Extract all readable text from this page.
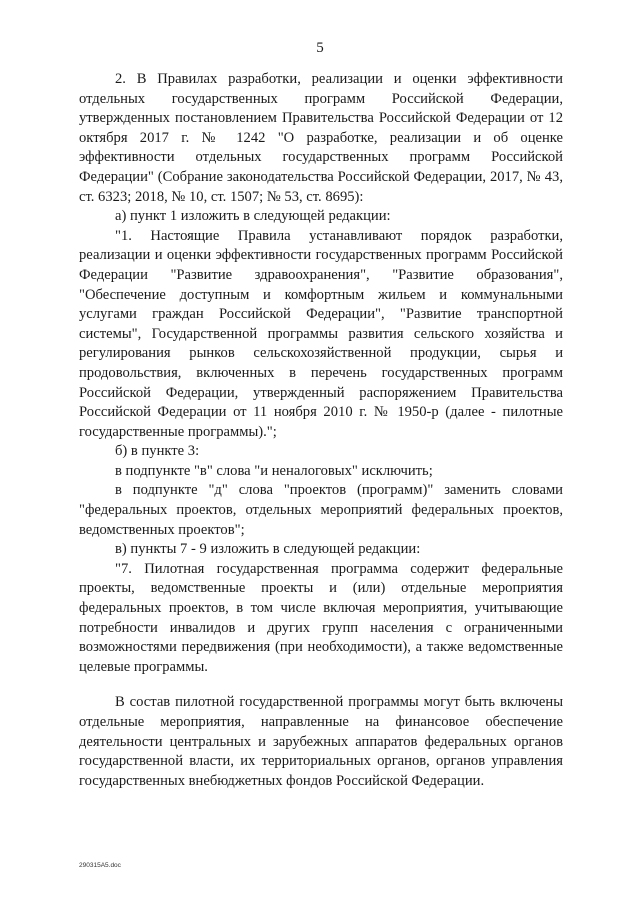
5

2. В Правилах разработки, реализации и оценки эффективности отдельных государственных программ Российской Федерации, утвержденных постановлением Правительства Российской Федерации от 12 октября 2017 г. № 1242 "О разработке, реализации и об оценке эффективности отдельных государственных программ Российской Федерации" (Собрание законодательства Российской Федерации, 2017, № 43, ст. 6323; 2018, № 10, ст. 1507; № 53, ст. 8695):

а) пункт 1 изложить в следующей редакции:

"1. Настоящие Правила устанавливают порядок разработки, реализации и оценки эффективности государственных программ Российской Федерации "Развитие здравоохранения", "Развитие образования", "Обеспечение доступным и комфортным жильем и коммунальными услугами граждан Российской Федерации", "Развитие транспортной системы", Государственной программы развития сельского хозяйства и регулирования рынков сельскохозяйственной продукции, сырья и продовольствия, включенных в перечень государственных программ Российской Федерации, утвержденный распоряжением Правительства Российской Федерации от 11 ноября 2010 г. № 1950-р (далее - пилотные государственные программы).";

б) в пункте 3:

в подпункте "в" слова "и неналоговых" исключить;

в подпункте "д" слова "проектов (программ)" заменить словами "федеральных проектов, отдельных мероприятий федеральных проектов, ведомственных проектов";

в) пункты 7 - 9 изложить в следующей редакции:

"7. Пилотная государственная программа содержит федеральные проекты, ведомственные проекты и (или) отдельные мероприятия федеральных проектов, в том числе включая мероприятия, учитывающие потребности инвалидов и других групп населения с ограниченными возможностями передвижения (при необходимости), а также ведомственные целевые программы.

В состав пилотной государственной программы могут быть включены отдельные мероприятия, направленные на финансовое обеспечение деятельности центральных и зарубежных аппаратов федеральных органов государственной власти, их территориальных органов, органов управления государственных внебюджетных фондов Российской Федерации.

290315А5.doc
